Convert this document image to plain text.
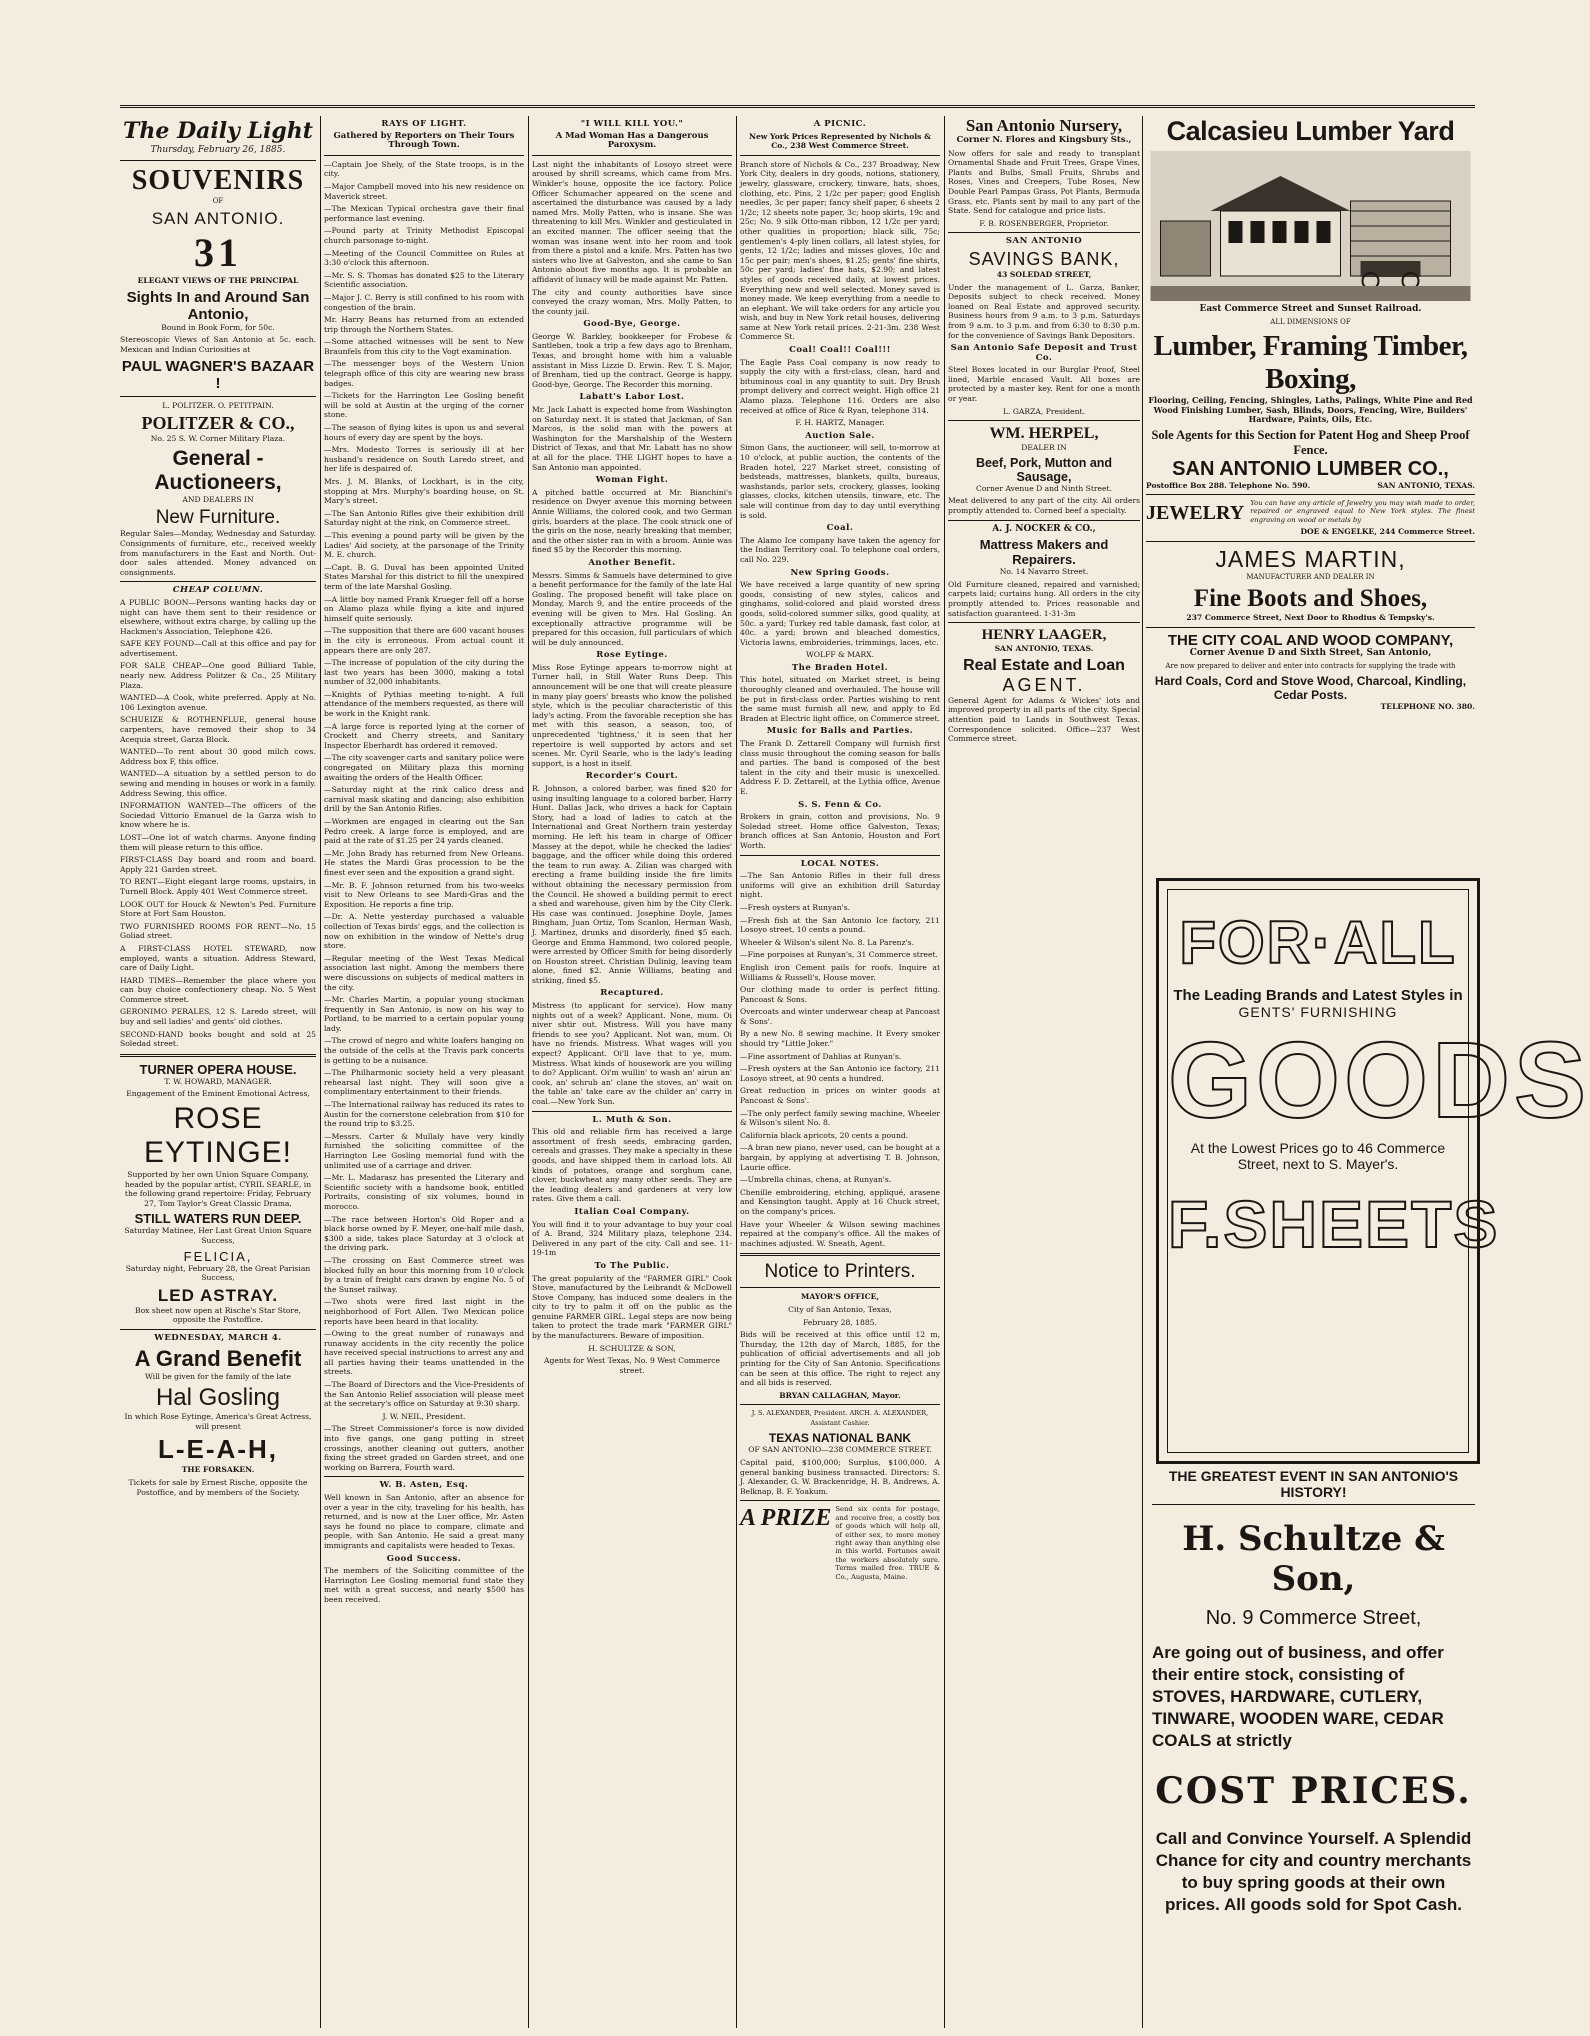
The Daily Light

Thursday, February 26, 1885.

SOUVENIRS

OF

SAN ANTONIO.
31

ELEGANT VIEWS OF THE PRINCIPAL

Sights In and Around San Antonio,

Bound in Book Form, for 50c.

Stereoscopic Views of San Antonio at 5c. each. Mexican and Indian Curiosities at

PAUL WAGNER'S BAZAAR !

L. POLITZER. O. PETITPAIN.

POLITZER & CO.,

No. 25 S. W. Corner Military Plaza.

General - Auctioneers,

AND DEALERS IN

New Furniture.

Regular Sales—Monday, Wednesday and Saturday. Consignments of furniture, etc., received weekly from manufacturers in the East and North. Out-door sales attended. Money advanced on consignments.

CHEAP COLUMN.

A PUBLIC BOON—Persons wanting hacks day or night can have them sent to their residence or elsewhere, without extra charge, by calling up the Hackmen's Association, Telephone 426.

SAFE KEY FOUND—Call at this office and pay for advertisement.

FOR SALE CHEAP—One good Billiard Table, nearly new. Address Politzer & Co., 25 Military Plaza.

WANTED—A Cook, white preferred. Apply at No. 106 Lexington avenue.

SCHUEIZE & ROTHENFLUE, general house carpenters, have removed their shop to 34 Acequia street, Garza Block.

WANTED—To rent about 30 good milch cows. Address box F, this office.

WANTED—A situation by a settled person to do sewing and mending in houses or work in a family. Address Sewing, this office.

INFORMATION WANTED—The officers of the Sociedad Vittorio Emanuel de la Garza wish to know where he is.

LOST—One lot of watch charms. Anyone finding them will please return to this office.

FIRST-CLASS Day board and room and board. Apply 221 Garden street.

TO RENT—Eight elegant large rooms, upstairs, in Turnell Block. Apply 401 West Commerce street.

LOOK OUT for Houck & Newton's Ped. Furniture Store at Fort Sam Houston.

TWO FURNISHED ROOMS FOR RENT—No. 15 Goliad street.

A FIRST-CLASS HOTEL STEWARD, now employed, wants a situation. Address Steward, care of Daily Light.

HARD TIMES—Remember the place where you can buy choice confectionery cheap. No. 5 West Commerce street.

GERONIMO PERALES, 12 S. Laredo street, will buy and sell ladies' and gents' old clothes.

SECOND-HAND books bought and sold at 25 Soledad street.

TURNER OPERA HOUSE.

T. W. HOWARD, MANAGER.

Engagement of the Eminent Emotional Actress,

ROSE EYTINGE!

Supported by her own Union Square Company, headed by the popular artist, CYRIL SEARLE, in the following grand repertoire: Friday, February 27, Tom Taylor's Great Classic Drama,

STILL WATERS RUN DEEP.

Saturday Matinee, Her Last Great Union Square Success,

FELICIA,

Saturday night, February 28, the Great Parisian Success,

LED ASTRAY.

Box sheet now open at Rische's Star Store, opposite the Postoffice.

WEDNESDAY, MARCH 4.

A Grand Benefit

Will be given for the family of the late

Hal Gosling

In which Rose Eytinge, America's Great Actress, will present

L-E-A-H,

THE FORSAKEN.

Tickets for sale by Ernest Rische, opposite the Postoffice, and by members of the Society.

RAYS OF LIGHT.

Gathered by Reporters on Their Tours Through Town.

—Captain Joe Shely, of the State troops, is in the city.

—Major Campbell moved into his new residence on Maverick street.

—The Mexican Typical orchestra gave their final performance last evening.

—Pound party at Trinity Methodist Episcopal church parsonage to-night.

—Meeting of the Council Committee on Rules at 3:30 o'clock this afternoon.

—Mr. S. S. Thomas has donated $25 to the Literary Scientific association.

—Major J. C. Berry is still confined to his room with congestion of the brain.

Mr. Harry Beans has returned from an extended trip through the Northern States.

—Some attached witnesses will be sent to New Braunfels from this city to the Vogt examination.

—The messenger boys of the Western Union telegraph office of this city are wearing new brass badges.

—Tickets for the Harrington Lee Gosling benefit will be sold at Austin at the urging of the corner stone.

—The season of flying kites is upon us and several hours of every day are spent by the boys.

—Mrs. Modesto Torres is seriously ill at her husband's residence on South Laredo street, and her life is despaired of.

Mrs. J. M. Blanks, of Lockhart, is in the city, stopping at Mrs. Murphy's boarding house, on St. Mary's street.

—The San Antonio Rifles give their exhibition drill Saturday night at the rink, on Commerce street.

—This evening a pound party will be given by the Ladies' Aid society, at the parsonage of the Trinity M. E. church.

—Capt. B. G. Duval has been appointed United States Marshal for this district to fill the unexpired term of the late Marshal Gosling.

—A little boy named Frank Krueger fell off a horse on Alamo plaza while flying a kite and injured himself quite seriously.

—The supposition that there are 600 vacant houses in the city is erroneous. From actual count it appears there are only 287.

—The increase of population of the city during the last two years has been 3000, making a total number of 32,000 inhabitants.

—Knights of Pythias meeting to-night. A full attendance of the members requested, as there will be work in the Knight rank.

—A large force is reported lying at the corner of Crockett and Cherry streets, and Sanitary Inspector Eberhardt has ordered it removed.

—The city scavenger carts and sanitary police were congregated on Military plaza this morning awaiting the orders of the Health Officer.

—Saturday night at the rink calico dress and carnival mask skating and dancing; also exhibition drill by the San Antonio Rifles.

—Workmen are engaged in clearing out the San Pedro creek. A large force is employed, and are paid at the rate of $1.25 per 24 yards cleaned.

—Mr. John Brady has returned from New Orleans. He states the Mardi Gras procession to be the finest ever seen and the exposition a grand sight.

—Mr. B. F. Johnson returned from his two-weeks visit to New Orleans to see Mardi-Gras and the Exposition. He reports a fine trip.

—Dr. A. Nette yesterday purchased a valuable collection of Texas birds' eggs, and the collection is now on exhibition in the window of Nette's drug store.

—Regular meeting of the West Texas Medical association last night. Among the members there were discussions on subjects of medical matters in the city.

—Mr. Charles Martin, a popular young stockman frequently in San Antonio, is now on his way to Portland, to be married to a certain popular young lady.

—The crowd of negro and white loafers hanging on the outside of the cells at the Travis park concerts is getting to be a nuisance.

—The Philharmonic society held a very pleasant rehearsal last night. They will soon give a complimentary entertainment to their friends.

—The International railway has reduced its rates to Austin for the cornerstone celebration from $10 for the round trip to $3.25.

—Messrs. Carter & Mullaly have very kindly furnished the soliciting committee of the Harrington Lee Gosling memorial fund with the unlimited use of a carriage and driver.

—Mr. L. Madarasz has presented the Literary and Scientific society with a handsome book, entitled Portraits, consisting of six volumes, bound in morocco.

—The race between Horton's Old Roper and a black horse owned by F. Meyer, one-half mile dash, $300 a side, takes place Saturday at 3 o'clock at the driving park.

—The crossing on East Commerce street was blocked fully an hour this morning from 10 o'clock by a train of freight cars drawn by engine No. 5 of the Sunset railway.

—Two shots were fired last night in the neighborhood of Fort Allen. Two Mexican police reports have been heard in that locality.

—Owing to the great number of runaways and runaway accidents in the city recently the police have received special instructions to arrest any and all parties having their teams unattended in the streets.

—The Board of Directors and the Vice-Presidents of the San Antonio Relief association will please meet at the secretary's office on Saturday at 9:30 sharp.

J. W. NEIL, President.

—The Street Commissioner's force is now divided into five gangs, one gang putting in street crossings, another cleaning out gutters, another fixing the street graded on Garden street, and one working on Barrera, Fourth ward.

W. B. Asten, Esq.

Well known in San Antonio, after an absence for over a year in the city, traveling for his health, has returned, and is now at the Luer office, Mr. Asten says he found no place to compare, climate and people, with San Antonio. He said a great many immigrants and capitalists were headed to Texas.

Good Success.

The members of the Soliciting committee of the Harrington Lee Gosling memorial fund state they met with a great success, and nearly $500 has been received.

"I WILL KILL YOU."

A Mad Woman Has a Dangerous Paroxysm.

Last night the inhabitants of Losoyo street were aroused by shrill screams, which came from Mrs. Winkler's house, opposite the ice factory. Police Officer Schumacher appeared on the scene and ascertained the disturbance was caused by a lady named Mrs. Molly Patten, who is insane. She was threatening to kill Mrs. Winkler and gesticulated in an excited manner. The officer seeing that the woman was insane went into her room and took from there a pistol and a knife. Mrs. Patten has two sisters who live at Galveston, and she came to San Antonio about five months ago. It is probable an affidavit of lunacy will be made against Mr. Patten.

The city and county authorities have since conveyed the crazy woman, Mrs. Molly Patten, to the county jail.

Good-Bye, George.

George W. Barkley, bookkeeper for Frobese & Santleben, took a trip a few days ago to Brenham, Texas, and brought home with him a valuable assistant in Miss Lizzie D. Erwin. Rev. T. S. Major, of Brenham, tied up the contract. George is happy. Good-bye, George. The Recorder this morning.

Labatt's Labor Lost.

Mr. Jack Labatt is expected home from Washington on Saturday next. It is stated that Jackman, of San Marcos, is the solid man with the powers at Washington for the Marshalship of the Western District of Texas, and that Mr. Labatt has no show at all for the place. THE LIGHT hopes to have a San Antonio man appointed.

Woman Fight.

A pitched battle occurred at Mr. Bianchini's residence on Dwyer avenue this morning between Annie Williams, the colored cook, and two German girls, boarders at the place. The cook struck one of the girls on the nose, nearly breaking that member, and the other sister ran in with a broom. Annie was fined $5 by the Recorder this morning.

Another Benefit.

Messrs. Simms & Samuels have determined to give a benefit performance for the family of the late Hal Gosling. The proposed benefit will take place on Monday, March 9, and the entire proceeds of the evening will be given to Mrs. Hal Gosling. An exceptionally attractive programme will be prepared for this occasion, full particulars of which will be duly announced.

Rose Eytinge.

Miss Rose Eytinge appears to-morrow night at Turner hall, in Still Water Runs Deep. This announcement will be one that will create pleasure in many play goers' breasts who know the polished style, which is the peculiar characteristic of this lady's acting. From the favorable reception she has met with this season, a season, too, of unprecedented 'tightness,' it is seen that her repertoire is well supported by actors and set scenes. Mr. Cyril Searle, who is the lady's leading support, is a host in itself.

Recorder's Court.

R. Johnson, a colored barber, was fined $20 for using insulting language to a colored barber, Harry Hunt. Dallas Jack, who drives a hack for Captain Story, had a load of ladies to catch at the International and Great Northern train yesterday morning. He left his team in charge of Officer Massey at the depot, while he checked the ladies' baggage, and the officer while doing this ordered the team to run away. A. Zilian was charged with erecting a frame building inside the fire limits without obtaining the necessary permission from the Council. He showed a building permit to erect a shed and warehouse, given him by the City Clerk. His case was continued. Josephine Doyle, James Bingham, Juan Ortiz, Tom Scanlon, Herman Wash, J. Martinez, drunks and disorderly, fined $5 each. George and Emma Hammond, two colored people, were arrested by Officer Smith for being disorderly on Houston street. Christian Dulinig, leaving team alone, fined $2. Annie Williams, beating and striking, fined $5.

Recaptured.

Mistress (to applicant for service). How many nights out of a week? Applicant. None, mum. Oi niver shtir out. Mistress. Will you have many friends to see you? Applicant. Not wan, mum. Oi have no friends. Mistress. What wages will you expect? Applicant. Oi'll lave that to ye, mum. Mistress. What kinds of housework are you willing to do? Applicant. Oi'm wullin' to wash an' airun an' cook, an' schrub an' clane the stoves, an' wait on the table an' take care av the childer an' carry in coal.—New York Sun.

L. Muth & Son.

This old and reliable firm has received a large assortment of fresh seeds, embracing garden, cereals and grasses. They make a specialty in these goods, and have shipped them in carload lots. All kinds of potatoes, orange and sorghum cane, clover, buckwheat any many other seeds. They are the leading dealers and gardeners at very low rates. Give them a call.

Italian Coal Company.

You will find it to your advantage to buy your coal of A. Brand, 324 Military plaza, telephone 234. Delivered in any part of the city. Call and see. 11-19-1m

To The Public.

The great popularity of the "FARMER GIRL" Cook Stove, manufactured by the Leibrandt & McDowell Stove Company, has induced some dealers in the city to try to palm it off on the public as the genuine FARMER GIRL. Legal steps are now being taken to protect the trade mark "FARMER GIRL" by the manufacturers. Beware of imposition.

H. SCHULTZE & SON,

Agents for West Texas, No. 9 West Commerce street.

A PICNIC.

New York Prices Represented by Nichols & Co., 238 West Commerce Street.

Branch store of Nichols & Co., 237 Broadway, New York City, dealers in dry goods, notions, stationery, jewelry, glassware, crockery, tinware, hats, shoes, clothing, etc. Pins, 2 1/2c per paper; good English needles, 3c per paper; fancy shelf paper, 6 sheets 2 1/2c; 12 sheets note paper, 3c; hoop skirts, 19c and 25c; No. 9 silk Otto-man ribbon, 12 1/2c per yard; other qualities in proportion; black silk, 75c; gentlemen's 4-ply linen collars, all latest styles, for gents, 12 1/2c; ladies and misses gloves, 10c and 15c per pair; men's shoes, $1.25; gents' fine shirts, 50c per yard; ladies' fine hats, $2.90; and latest styles of goods received daily, at lowest prices. Everything new and well selected. Money saved is money made. We keep everything from a needle to an elephant. We will take orders for any article you wish, and buy in New York retail houses, delivering same at New York retail prices. 2-21-3m. 238 West Commerce St.

Coal! Coal!! Coal!!!

The Eagle Pass Coal company is now ready to supply the city with a first-class, clean, hard and bituminous coal in any quantity to suit. Dry Brush prompt delivery and correct weight. High office 21 Alamo plaza. Telephone 116. Orders are also received at office of Rice & Ryan, telephone 314.

F. H. HARTZ, Manager.

Auction Sale.

Simon Gans, the auctioneer, will sell, to-morrow at 10 o'clock, at public auction, the contents of the Braden hotel, 227 Market street, consisting of bedsteads, mattresses, blankets, quilts, bureaus, washstands, parlor sets, crockery, glasses, looking glasses, clocks, kitchen utensils, tinware, etc. The sale will continue from day to day until everything is sold.

Coal.

The Alamo Ice company have taken the agency for the Indian Territory coal. To telephone coal orders, call No. 229.

New Spring Goods.

We have received a large quantity of new spring goods, consisting of new styles, calicos and ginghams, solid-colored and plaid worsted dress goods, solid-colored summer silks, good quality, at 50c. a yard; Turkey red table damask, fast color, at 40c. a yard; brown and bleached domestics, Victoria lawns, embroideries, trimmings, laces, etc.

WOLFF & MARX.

The Braden Hotel.

This hotel, situated on Market street, is being thoroughly cleaned and overhauled. The house will be put in first-class order. Parties wishing to rent the same must furnish all new, and apply to Ed Braden at Electric light office, on Commerce street.

Music for Balls and Parties.

The Frank D. Zettarell Company will furnish first class music throughout the coming season for balls and parties. The band is composed of the best talent in the city and their music is unexcelled. Address F. D. Zettarell, at the Lythia office, Avenue E.

S. S. Fenn & Co.

Brokers in grain, cotton and provisions, No. 9 Soledad street. Home office Galveston, Texas; branch offices at San Antonio, Houston and Fort Worth.

LOCAL NOTES.

—The San Antonio Rifles in their full dress uniforms will give an exhibition drill Saturday night.

—Fresh oysters at Runyan's.

—Fresh fish at the San Antonio Ice factory, 211 Losoyo street, 10 cents a pound.

Wheeler & Wilson's silent No. 8. La Parenz's.

—Fine porpoises at Runyan's, 31 Commerce street.

English iron Cement pails for roofs. Inquire at Williams & Russell's, House mover.

Our clothing made to order is perfect fitting. Pancoast & Sons.

Overcoats and winter underwear cheap at Pancoast & Sons'.

By a new No. 8 sewing machine. It Every smoker should try "Little Joker."

—Fine assortment of Dahlias at Runyan's.

—Fresh oysters at the San Antonio ice factory, 211 Losoyo street, at 90 cents a hundred.

Great reduction in prices on winter goods at Pancoast & Sons'.

—The only perfect family sewing machine, Wheeler & Wilson's silent No. 8.

California black apricots, 20 cents a pound.

—A bran new piano, never used, can be bought at a bargain, by applying at advertising T. B. Johnson, Laurie office.

—Umbrella chinas, chena, at Runyan's.

Chenille embroidering, etching, appliqué, arasene and Kensington taught. Apply at 16 Chuck street, on the company's prices.

Have your Wheeler & Wilson sewing machines repaired at the company's office. All the makes of machines adjusted. W. Sneath, Agent.

Notice to Printers.

MAYOR'S OFFICE,

City of San Antonio, Texas,

February 28, 1885.

Bids will be received at this office until 12 m, Thursday, the 12th day of March, 1885, for the publication of official advertisements and all job printing for the City of San Antonio. Specifications can be seen at this office. The right to reject any and all bids is reserved.

BRYAN CALLAGHAN, Mayor.

J. S. ALEXANDER, President. ARCH. A. ALEXANDER, Assistant Cashier.

TEXAS NATIONAL BANK

OF SAN ANTONIO—238 COMMERCE STREET.

Capital paid, $100,000; Surplus, $100,000. A general banking business transacted. Directors: S. J. Alexander, G. W. Brackenridge, H. B. Andrews, A. Belknap, B. F. Yoakum.

A PRIZE Send six cents for postage, and receive free, a costly box of goods which will help all, of either sex, to more money right away than anything else in this world. Fortunes await the workers absolutely sure. Terms mailed free. TRUE & Co., Augusta, Maine.

San Antonio Nursery,

Corner N. Flores and Kingsbury Sts.,

Now offers for sale and ready to transplant Ornamental Shade and Fruit Trees, Grape Vines, Plants and Bulbs, Small Fruits, Shrubs and Roses, Vines and Creepers, Tube Roses, New Double Pearl Pampas Grass, Pot Plants, Bermuda Grass, etc. Plants sent by mail to any part of the State. Send for catalogue and price lists.

F. B. ROSENBERGER, Proprietor.

SAN ANTONIO

SAVINGS BANK,

43 SOLEDAD STREET,

Under the management of L. Garza, Banker, Deposits subject to check received. Money loaned on Real Estate and approved security. Business hours from 9 a.m. to 3 p.m. Saturdays from 9 a.m. to 3 p.m. and from 6:30 to 8:30 p.m. for the convenience of Savings Bank Depositors.

San Antonio Safe Deposit and Trust Co.

Steel Boxes located in our Burglar Proof, Steel lined, Marble encased Vault. All boxes are protected by a master key. Rent for one a month or year.

L. GARZA, President.

WM. HERPEL,

DEALER IN

Beef, Pork, Mutton and Sausage,

Corner Avenue D and Ninth Street.

Meat delivered to any part of the city. All orders promptly attended to. Corned beef a specialty.

A. J. NOCKER & CO.,

Mattress Makers and Repairers.

No. 14 Navarro Street.

Old Furniture cleaned, repaired and varnished; carpets laid; curtains hung. All orders in the city promptly attended to. Prices reasonable and satisfaction guaranteed. 1-31-3m

HENRY LAAGER,

SAN ANTONIO, TEXAS.

Real Estate and Loan
AGENT.

General Agent for Adams & Wickes' lots and improved property in all parts of the city. Special attention paid to Lands in Southwest Texas. Correspondence solicited. Office—237 West Commerce street.

Calcasieu Lumber Yard

East Commerce Street and Sunset Railroad.

ALL DIMENSIONS OF

Lumber, Framing Timber, Boxing,

Flooring, Ceiling, Fencing, Shingles, Laths, Palings, White Pine and Red Wood Finishing Lumber, Sash, Blinds, Doors, Fencing, Wire, Builders' Hardware, Paints, Oils, Etc.

Sole Agents for this Section for Patent Hog and Sheep Proof Fence.
SAN ANTONIO LUMBER CO.,
Postoffice Box 288. Telephone No. 590.	SAN ANTONIO, TEXAS.
JEWELRY You can have any article of Jewelry you may wish made to order, repaired or engraved equal to New York styles. The finest engraving on wood or metals by

DOE & ENGELKE, 244 Commerce Street.

JAMES MARTIN,

MANUFACTURER AND DEALER IN

Fine Boots and Shoes,

237 Commerce Street, Next Door to Rhodius & Tempsky's.

THE CITY COAL AND WOOD COMPANY,

Corner Avenue D and Sixth Street, San Antonio,

Are now prepared to deliver and enter into contracts for supplying the trade with

Hard Coals, Cord and Stove Wood, Charcoal, Kindling, Cedar Posts.

TELEPHONE NO. 380.

FOR·ALL
The Leading Brands and Latest Styles in
GENTS' FURNISHING
GOODS
At the Lowest Prices go to 46 Commerce Street, next to S. Mayer's.
F.SHEETS
THE GREATEST EVENT IN SAN ANTONIO'S HISTORY!
H. Schultze & Son,
No. 9 Commerce Street,

Are going out of business, and offer their entire stock, consisting of STOVES, HARDWARE, CUTLERY, TINWARE, WOODEN WARE, CEDAR COALS at strictly

COST PRICES.

Call and Convince Yourself. A Splendid Chance for city and country merchants to buy spring goods at their own prices. All goods sold for Spot Cash.
